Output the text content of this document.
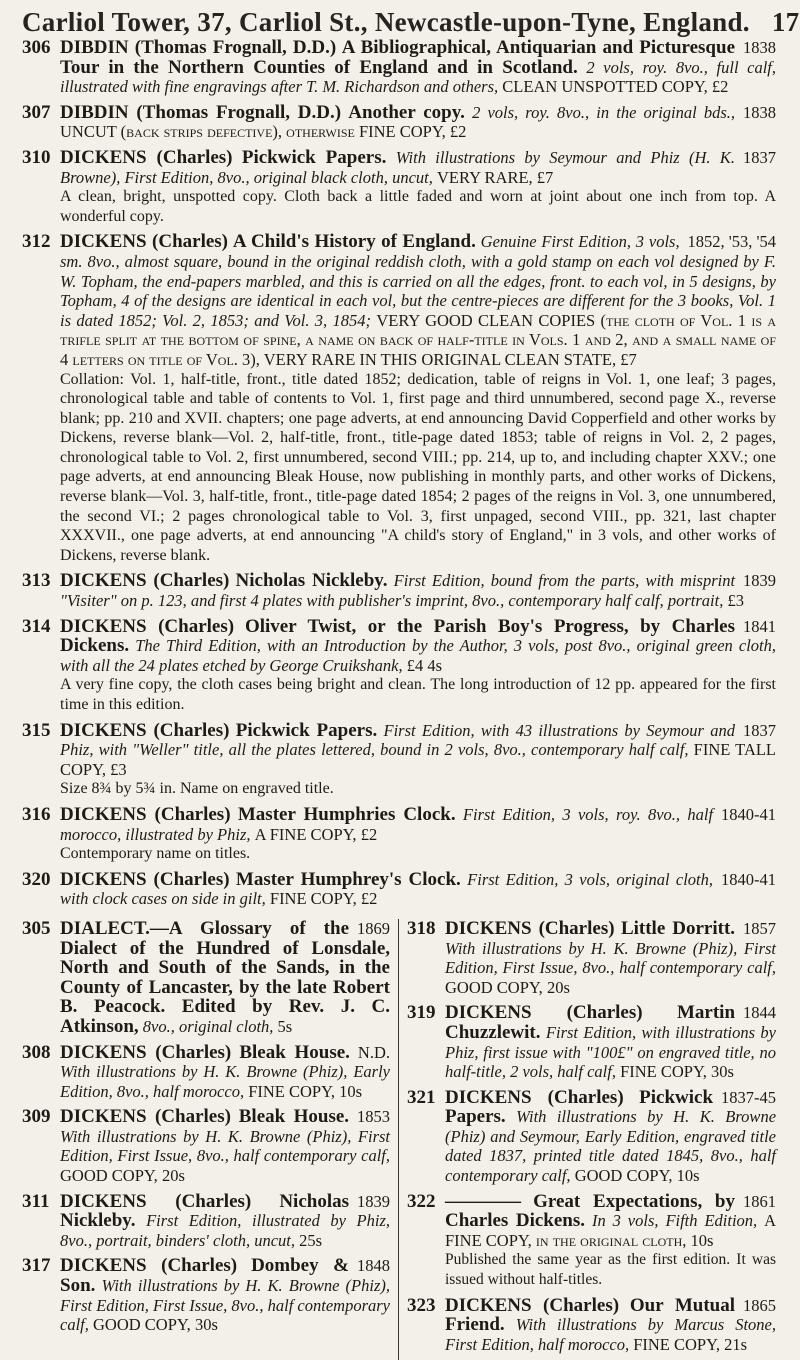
Carliol Tower, 37, Carliol St., Newcastle-upon-Tyne, England. 17
306	1838
DIBDIN (Thomas Frognall, D.D.) A Bibliographical, Antiquarian and Picturesque Tour in the Northern Counties of England and in Scotland. 2 vols, roy. 8vo., full calf, illustrated with fine engravings after T. M. Richardson and others, CLEAN UNSPOTTED COPY, £2
307	1838
DIBDIN (Thomas Frognall, D.D.) Another copy. 2 vols, roy. 8vo., in the original bds., UNCUT (back strips defective), otherwise FINE COPY, £2
310	1837
DICKENS (Charles) Pickwick Papers. With illustrations by Seymour and Phiz (H. K. Browne), First Edition, 8vo., original black cloth, uncut, VERY RARE, £7
A clean, bright, unspotted copy. Cloth back a little faded and worn at joint about one inch from top. A wonderful copy.
312	1852, '53, '54
DICKENS (Charles) A Child's History of England. Genuine First Edition, 3 vols, sm. 8vo., almost square, bound in the original reddish cloth, with a gold stamp on each vol designed by F. W. Topham, the end-papers marbled, and this is carried on all the edges, front. to each vol, in 5 designs, by Topham, 4 of the designs are identical in each vol, but the centre-pieces are different for the 3 books, Vol. 1 is dated 1852; Vol. 2, 1853; and Vol. 3, 1854; VERY GOOD CLEAN COPIES (the cloth of Vol. 1 is a trifle split at the bottom of spine, a name on back of half-title in Vols. 1 and 2, and a small name of 4 letters on title of Vol. 3), VERY RARE IN THIS ORIGINAL CLEAN STATE, £7
Collation: Vol. 1, half-title, front., title dated 1852; dedication, table of reigns in Vol. 1, one leaf; 3 pages, chronological table and table of contents to Vol. 1, first page and third unnumbered, second page X., reverse blank; pp. 210 and XVII. chapters; one page adverts, at end announcing David Copperfield and other works by Dickens, reverse blank—Vol. 2, half-title, front., title-page dated 1853; table of reigns in Vol. 2, 2 pages, chronological table to Vol. 2, first unnumbered, second VIII.; pp. 214, up to, and including chapter XXV.; one page adverts, at end announcing Bleak House, now publishing in monthly parts, and other works of Dickens, reverse blank—Vol. 3, half-title, front., title-page dated 1854; 2 pages of the reigns in Vol. 3, one unnumbered, the second VI.; 2 pages chronological table to Vol. 3, first unpaged, second VIII., pp. 321, last chapter XXXVII., one page adverts, at end announcing "A child's story of England," in 3 vols, and other works of Dickens, reverse blank.
313	1839
DICKENS (Charles) Nicholas Nickleby. First Edition, bound from the parts, with misprint "Visiter" on p. 123, and first 4 plates with publisher's imprint, 8vo., contemporary half calf, portrait, £3
314	1841
DICKENS (Charles) Oliver Twist, or the Parish Boy's Progress, by Charles Dickens. The Third Edition, with an Introduction by the Author, 3 vols, post 8vo., original green cloth, with all the 24 plates etched by George Cruikshank, £4 4s
A very fine copy, the cloth cases being bright and clean. The long introduction of 12 pp. appeared for the first time in this edition.
315	1837
DICKENS (Charles) Pickwick Papers. First Edition, with 43 illustrations by Seymour and Phiz, with "Weller" title, all the plates lettered, bound in 2 vols, 8vo., contemporary half calf, FINE TALL COPY, £3
Size 8¾ by 5¾ in. Name on engraved title.
316	1840-41
DICKENS (Charles) Master Humphries Clock. First Edition, 3 vols, roy. 8vo., half morocco, illustrated by Phiz, A FINE COPY, £2
Contemporary name on titles.
320	1840-41
DICKENS (Charles) Master Humphrey's Clock. First Edition, 3 vols, original cloth, with clock cases on side in gilt, FINE COPY, £2
305	1869
DIALECT.—A Glossary of the Dialect of the Hundred of Lonsdale, North and South of the Sands, in the County of Lancaster, by the late Robert B. Peacock. Edited by Rev. J. C. Atkinson, 8vo., original cloth, 5s
308	N.D.
DICKENS (Charles) Bleak House. With illustrations by H. K. Browne (Phiz), Early Edition, 8vo., half morocco, FINE COPY, 10s
309	1853
DICKENS (Charles) Bleak House. With illustrations by H. K. Browne (Phiz), First Edition, First Issue, 8vo., half contemporary calf, GOOD COPY, 20s
311	1839
DICKENS (Charles) Nicholas Nickleby. First Edition, illustrated by Phiz, 8vo., portrait, binders' cloth, uncut, 25s
317	1848
DICKENS (Charles) Dombey & Son. With illustrations by H. K. Browne (Phiz), First Edition, First Issue, 8vo., half contemporary calf, GOOD COPY, 30s
318	1857
DICKENS (Charles) Little Dorritt. With illustrations by H. K. Browne (Phiz), First Edition, First Issue, 8vo., half contemporary calf, GOOD COPY, 20s
319	1844
DICKENS (Charles) Martin Chuzzlewit. First Edition, with illustrations by Phiz, first issue with "100£" on engraved title, no half-title, 2 vols, half calf, FINE COPY, 30s
321	1837-45
DICKENS (Charles) Pickwick Papers. With illustrations by H. K. Browne (Phiz) and Seymour, Early Edition, engraved title dated 1837, printed title dated 1845, 8vo., half contemporary calf, GOOD COPY, 10s
322	1861
———— Great Expectations, by Charles Dickens. In 3 vols, Fifth Edition, A FINE COPY, in the original cloth, 10s
Published the same year as the first edition. It was issued without half-titles.
323	1865
DICKENS (Charles) Our Mutual Friend. With illustrations by Marcus Stone, First Edition, half morocco, FINE COPY, 21s
